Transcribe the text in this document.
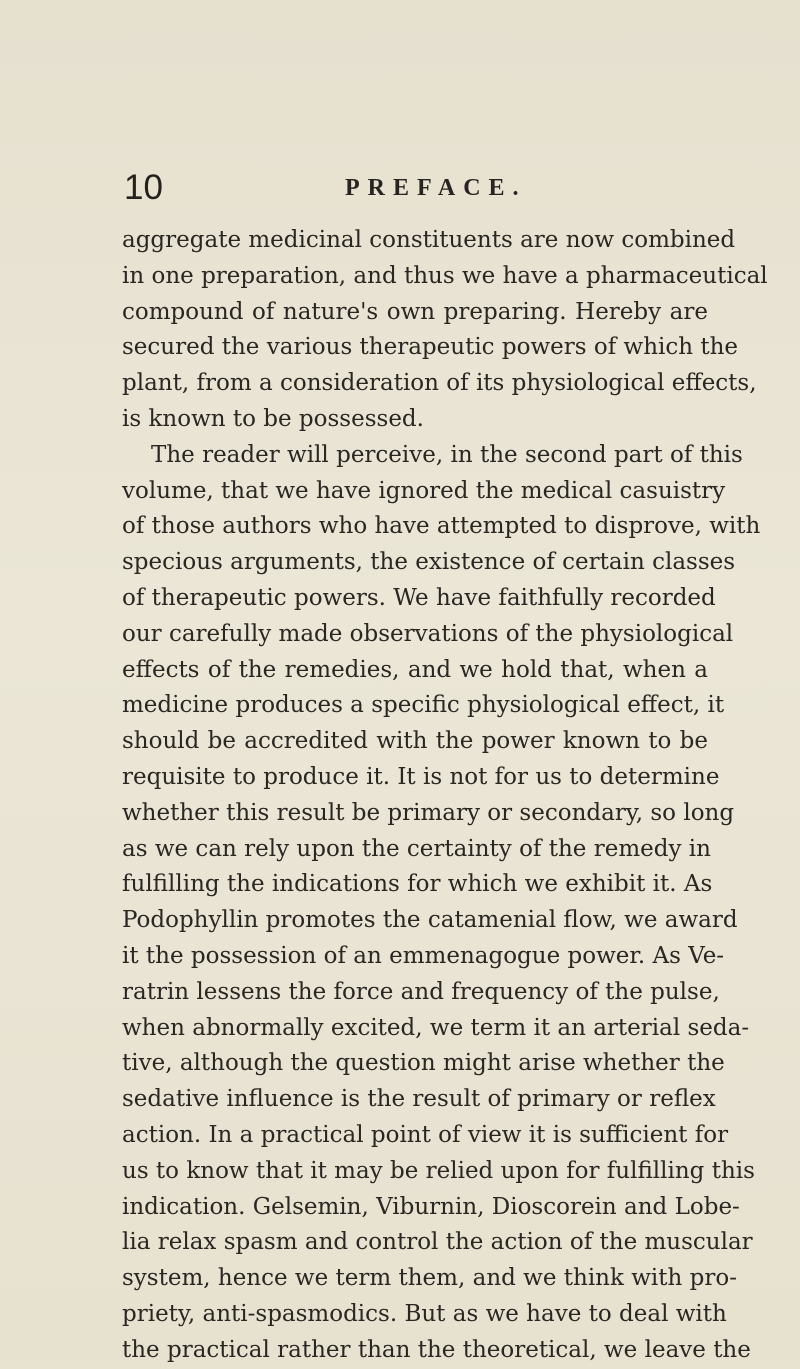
10	PREFACE.

aggregate medicinal constituents are now combined

in one preparation, and thus we have a pharmaceutical

compound of nature's own preparing. Hereby are

secured the various therapeutic powers of which the

plant, from a consideration of its physiological effects,

is known to be possessed.

The reader will perceive, in the second part of this

volume, that we have ignored the medical casuistry

of those authors who have attempted to disprove, with

specious arguments, the existence of certain classes

of therapeutic powers. We have faithfully recorded

our carefully made observations of the physiological

effects of the remedies, and we hold that, when a

medicine produces a specific physiological effect, it

should be accredited with the power known to be

requisite to produce it. It is not for us to determine

whether this result be primary or secondary, so long

as we can rely upon the certainty of the remedy in

fulfilling the indications for which we exhibit it. As

Podophyllin promotes the catamenial flow, we award

it the possession of an emmenagogue power. As Ve-

ratrin lessens the force and frequency of the pulse,

when abnormally excited, we term it an arterial seda-

tive, although the question might arise whether the

sedative influence is the result of primary or reflex

action. In a practical point of view it is sufficient for

us to know that it may be relied upon for fulfilling this

indication. Gelsemin, Viburnin, Dioscorein and Lobe-

lia relax spasm and control the action of the muscular

system, hence we term them, and we think with pro-

priety, anti-spasmodics. But as we have to deal with

the practical rather than the theoretical, we leave the
